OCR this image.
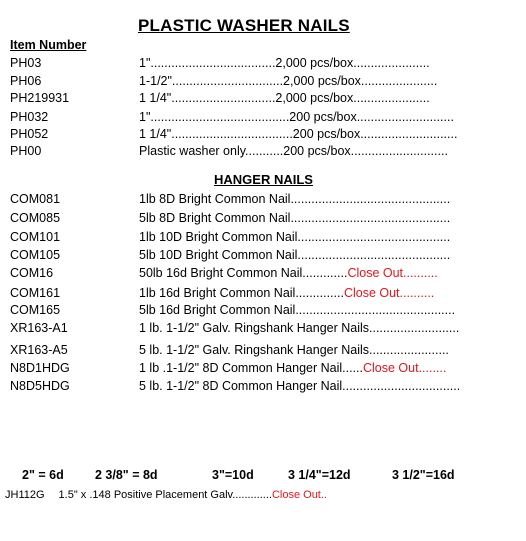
PLASTIC WASHER NAILS
Item Number
PH03	1"....................................2,000 pcs/box......................
PH06	1-1/2"................................2,000 pcs/box......................
PH219931	1 1/4"..............................2,000 pcs/box......................
PH032	1"........................................200 pcs/box............................
PH052	1 1/4"...................................200 pcs/box............................
PH00	Plastic washer only...........200 pcs/box............................
HANGER NAILS
COM081	1lb 8D Bright Common Nail..............................................
COM085	5lb 8D Bright Common Nail..............................................
COM101	1lb 10D Bright Common Nail............................................
COM105	5lb 10D Bright Common Nail............................................
COM16	50lb 16d Bright Common Nail.............Close Out..........
COM161	1lb 16d Bright Common Nail..............Close Out..........
COM165	5lb 16d Bright Common Nail..............................................
XR163-A1	1 lb. 1-1/2" Galv. Ringshank Hanger Nails..........................
XR163-A5	5 lb. 1-1/2" Galv. Ringshank Hanger Nails.......................
N8D1HDG	1 lb .1-1/2" 8D Common Hanger Nail......Close Out........
N8D5HDG	5 lb. 1-1/2" 8D Common Hanger Nail..................................
2" = 6d	2 3/8" = 8d	3"=10d	3 1/4"=12d	3 1/2"=16d
JH112G 1.5" x .148 Positive Placement Galv.............Close Out..
